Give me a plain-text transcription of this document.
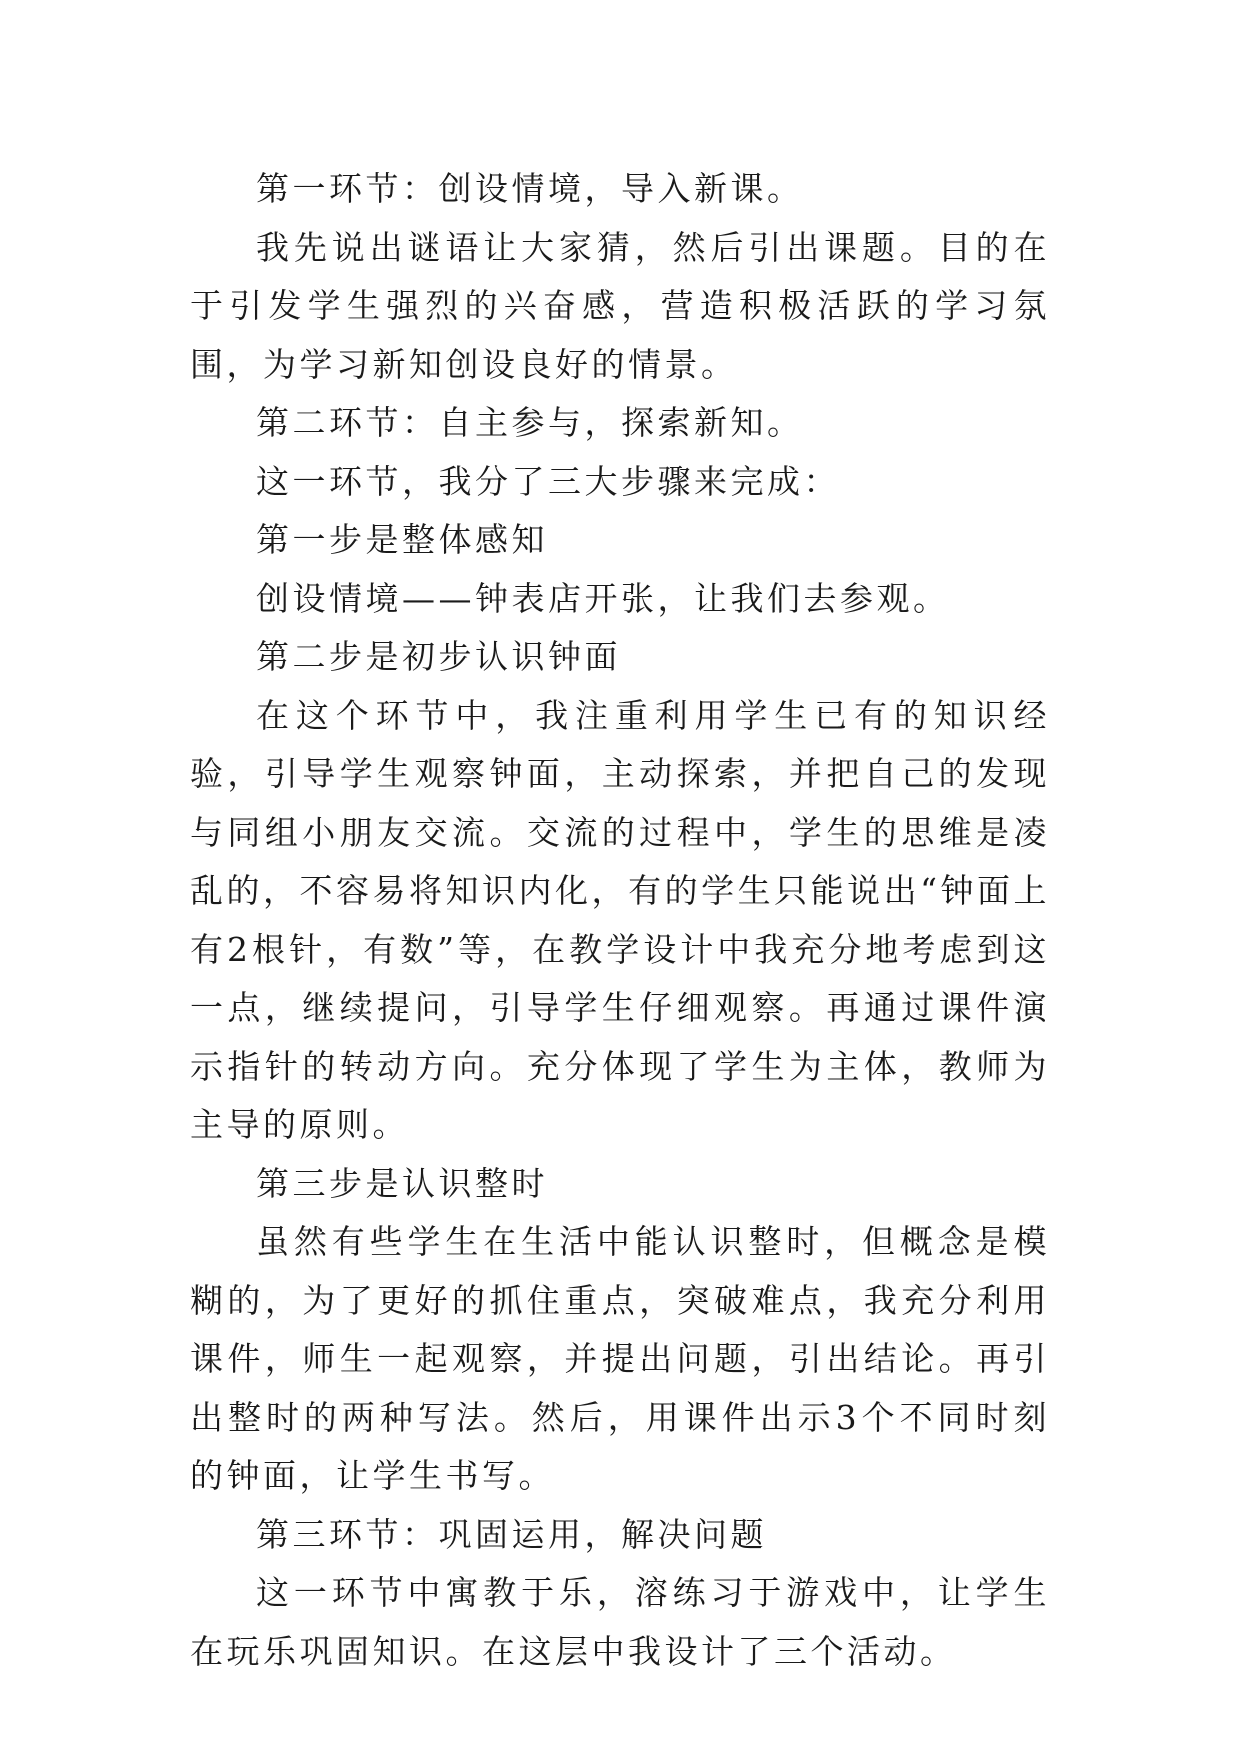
第一环节：创设情境，导入新课。

我先说出谜语让大家猜，然后引出课题。目的在于引发学生强烈的兴奋感，营造积极活跃的学习氛围，为学习新知创设良好的情景。

第二环节：自主参与，探索新知。

这一环节，我分了三大步骤来完成：

第一步是整体感知

创设情境——钟表店开张，让我们去参观。

第二步是初步认识钟面

在这个环节中，我注重利用学生已有的知识经验，引导学生观察钟面，主动探索，并把自己的发现与同组小朋友交流。交流的过程中，学生的思维是凌乱的，不容易将知识内化，有的学生只能说出“钟面上有2根针，有数”等，在教学设计中我充分地考虑到这一点，继续提问，引导学生仔细观察。再通过课件演示指针的转动方向。充分体现了学生为主体，教师为主导的原则。

第三步是认识整时

虽然有些学生在生活中能认识整时，但概念是模糊的，为了更好的抓住重点，突破难点，我充分利用课件，师生一起观察，并提出问题，引出结论。再引出整时的两种写法。然后，用课件出示3个不同时刻的钟面，让学生书写。

第三环节：巩固运用，解决问题

这一环节中寓教于乐，溶练习于游戏中，让学生在玩乐巩固知识。在这层中我设计了三个活动。
